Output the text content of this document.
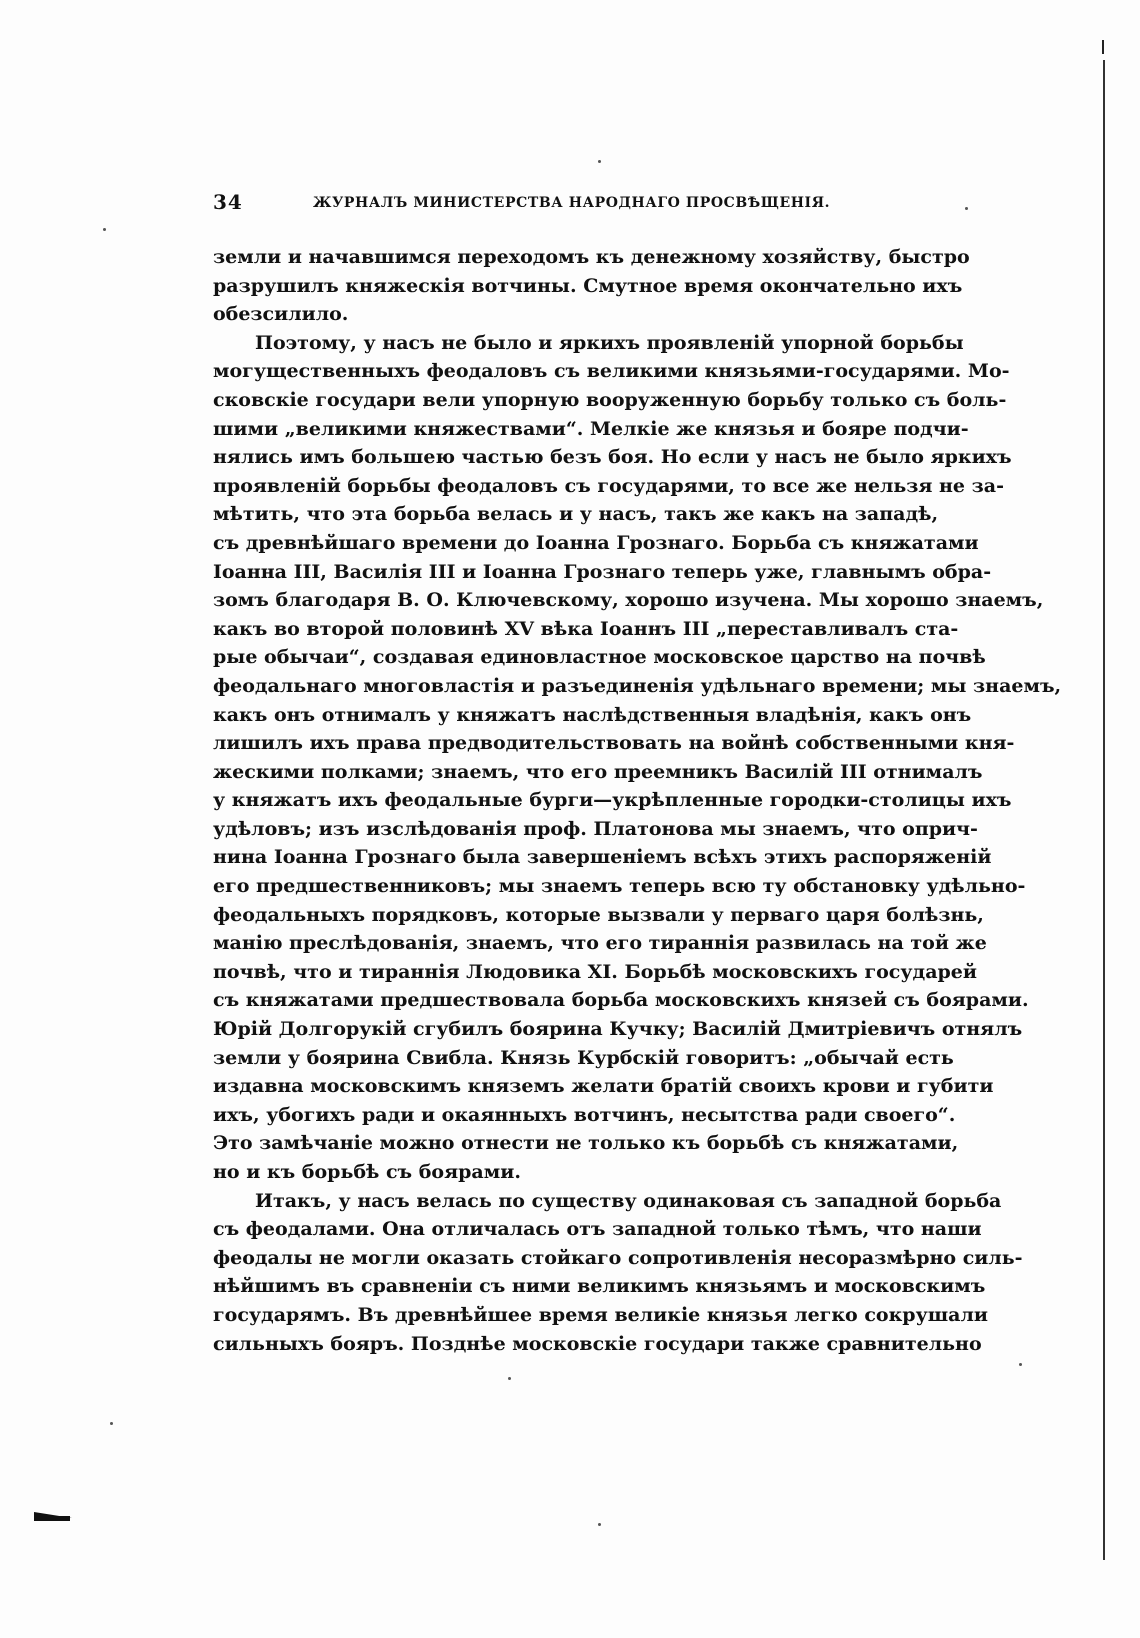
34	ЖУРНАЛЪ МИНИСТЕРСТВА НАРОДНАГО ПРОСВѢЩЕНІЯ.
земли и начавшимся переходомъ къ денежному хозяйству, быстро
разрушилъ княжескія вотчины. Смутное время окончательно ихъ
обезсилило.
Поэтому, у насъ не было и яркихъ проявленій упорной борьбы
могущественныхъ феодаловъ съ великими князьями-государями. Мо-
сковскіе государи вели упорную вооруженную борьбу только съ боль-
шими „великими княжествами“. Мелкіе же князья и бояре подчи-
нялись имъ большею частью безъ боя. Но если у насъ не было яркихъ
проявленій борьбы феодаловъ съ государями, то все же нельзя не за-
мѣтить, что эта борьба велась и у насъ, такъ же какъ на западѣ,
съ древнѣйшаго времени до Іоанна Грознаго. Борьба съ княжатами
Іоанна III, Василія III и Іоанна Грознаго теперь уже, главнымъ обра-
зомъ благодаря В. О. Ключевскому, хорошо изучена. Мы хорошо знаемъ,
какъ во второй половинѣ XV вѣка Іоаннъ III „переставливалъ ста-
рые обычаи“, создавая единовластное московское царство на почвѣ
феодальнаго многовластія и разъединенія удѣльнаго времени; мы знаемъ,
какъ онъ отнималъ у княжатъ наслѣдственныя владѣнія, какъ онъ
лишилъ ихъ права предводительствовать на войнѣ собственными кня-
жескими полками; знаемъ, что его преемникъ Василій III отнималъ
у княжатъ ихъ феодальные бурги—укрѣпленные городки-столицы ихъ
удѣловъ; изъ изслѣдованія проф. Платонова мы знаемъ, что оприч-
нина Іоанна Грознаго была завершеніемъ всѣхъ этихъ распоряженій
его предшественниковъ; мы знаемъ теперь всю ту обстановку удѣльно-
феодальныхъ порядковъ, которые вызвали у перваго царя болѣзнь,
манію преслѣдованія, знаемъ, что его тираннія развилась на той же
почвѣ, что и тираннія Людовика XI. Борьбѣ московскихъ государей
съ княжатами предшествовала борьба московскихъ князей съ боярами.
Юрій Долгорукій сгубилъ боярина Кучку; Василій Дмитріевичъ отнялъ
земли у боярина Свибла. Князь Курбскій говоритъ: „обычай есть
издавна московскимъ княземъ желати братій своихъ крови и губити
ихъ, убогихъ ради и окаянныхъ вотчинъ, несытства ради своего“.
Это замѣчаніе можно отнести не только къ борьбѣ съ княжатами,
но и къ борьбѣ съ боярами.
Итакъ, у насъ велась по существу одинаковая съ западной борьба
съ феодалами. Она отличалась отъ западной только тѣмъ, что наши
феодалы не могли оказать стойкаго сопротивленія несоразмѣрно силь-
нѣйшимъ въ сравненіи съ ними великимъ князьямъ и московскимъ
государямъ. Въ древнѣйшее время великіе князья легко сокрушали
сильныхъ бояръ. Позднѣе московскіе государи также сравнительно
